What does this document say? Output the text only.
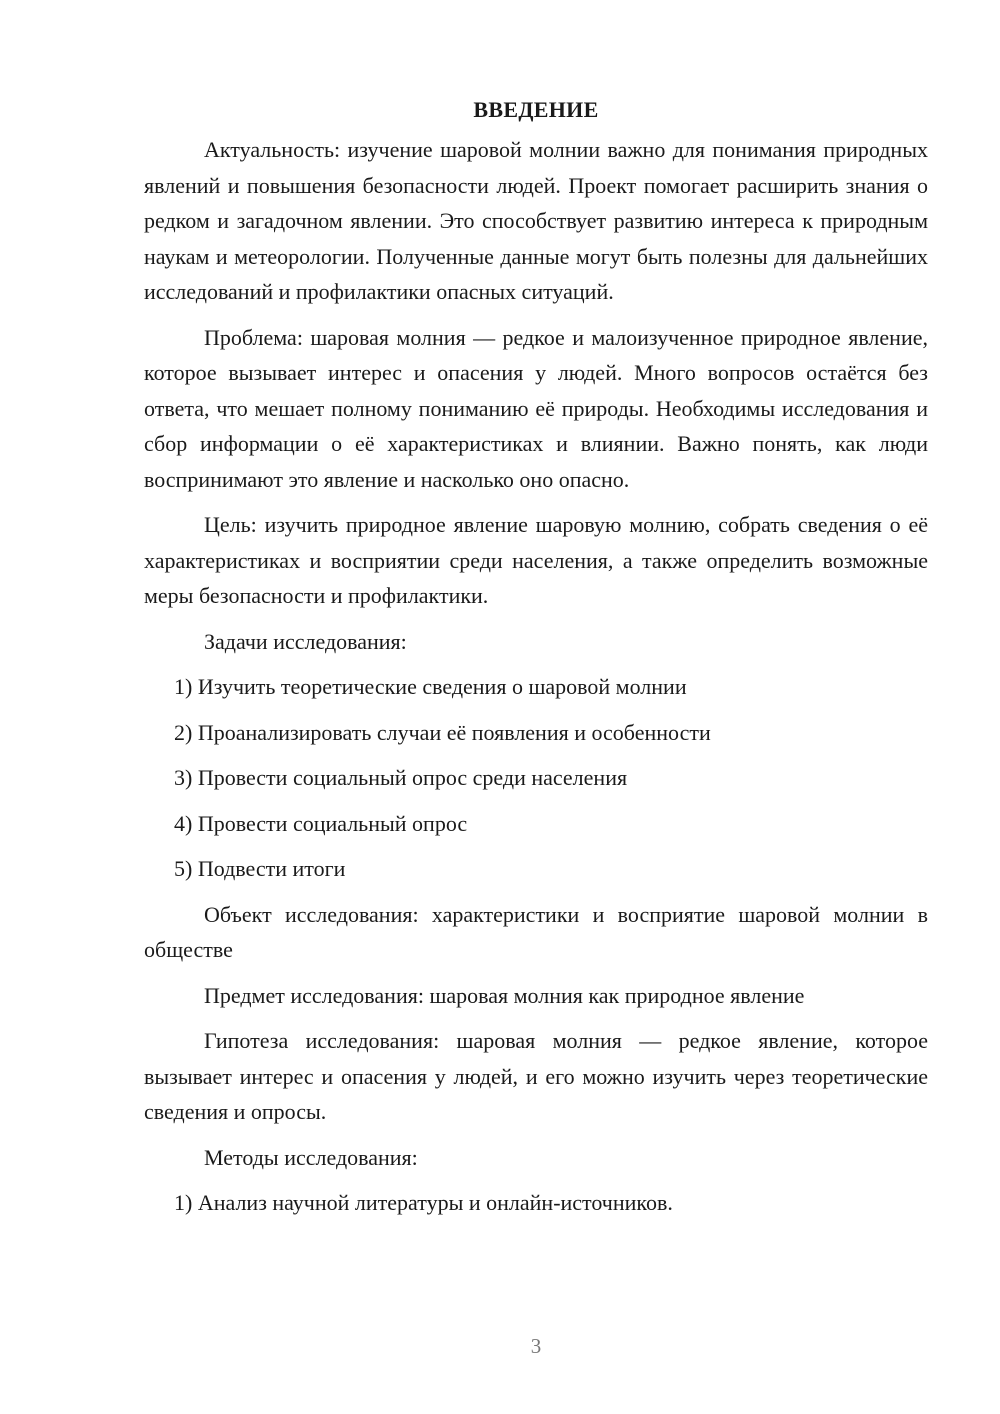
ВВЕДЕНИЕ

Актуальность: изучение шаровой молнии важно для понимания природных явлений и повышения безопасности людей. Проект помогает расширить знания о редком и загадочном явлении. Это способствует развитию интереса к природным наукам и метеорологии. Полученные данные могут быть полезны для дальнейших исследований и профилактики опасных ситуаций.

Проблема: шаровая молния — редкое и малоизученное природное явление, которое вызывает интерес и опасения у людей. Много вопросов остаётся без ответа, что мешает полному пониманию её природы. Необходимы исследования и сбор информации о её характеристиках и влиянии. Важно понять, как люди воспринимают это явление и насколько оно опасно.

Цель: изучить природное явление шаровую молнию, собрать сведения о её характеристиках и восприятии среди населения, а также определить возможные меры безопасности и профилактики.

Задачи исследования:

1) Изучить теоретические сведения о шаровой молнии

2) Проанализировать случаи её появления и особенности

3) Провести социальный опрос среди населения

4) Провести социальный опрос

5) Подвести итоги

Объект исследования: характеристики и восприятие шаровой молнии в обществе

Предмет исследования: шаровая молния как природное явление

Гипотеза исследования: шаровая молния — редкое явление, которое вызывает интерес и опасения у людей, и его можно изучить через теоретические сведения и опросы.

Методы исследования:

1) Анализ научной литературы и онлайн-источников.

3
